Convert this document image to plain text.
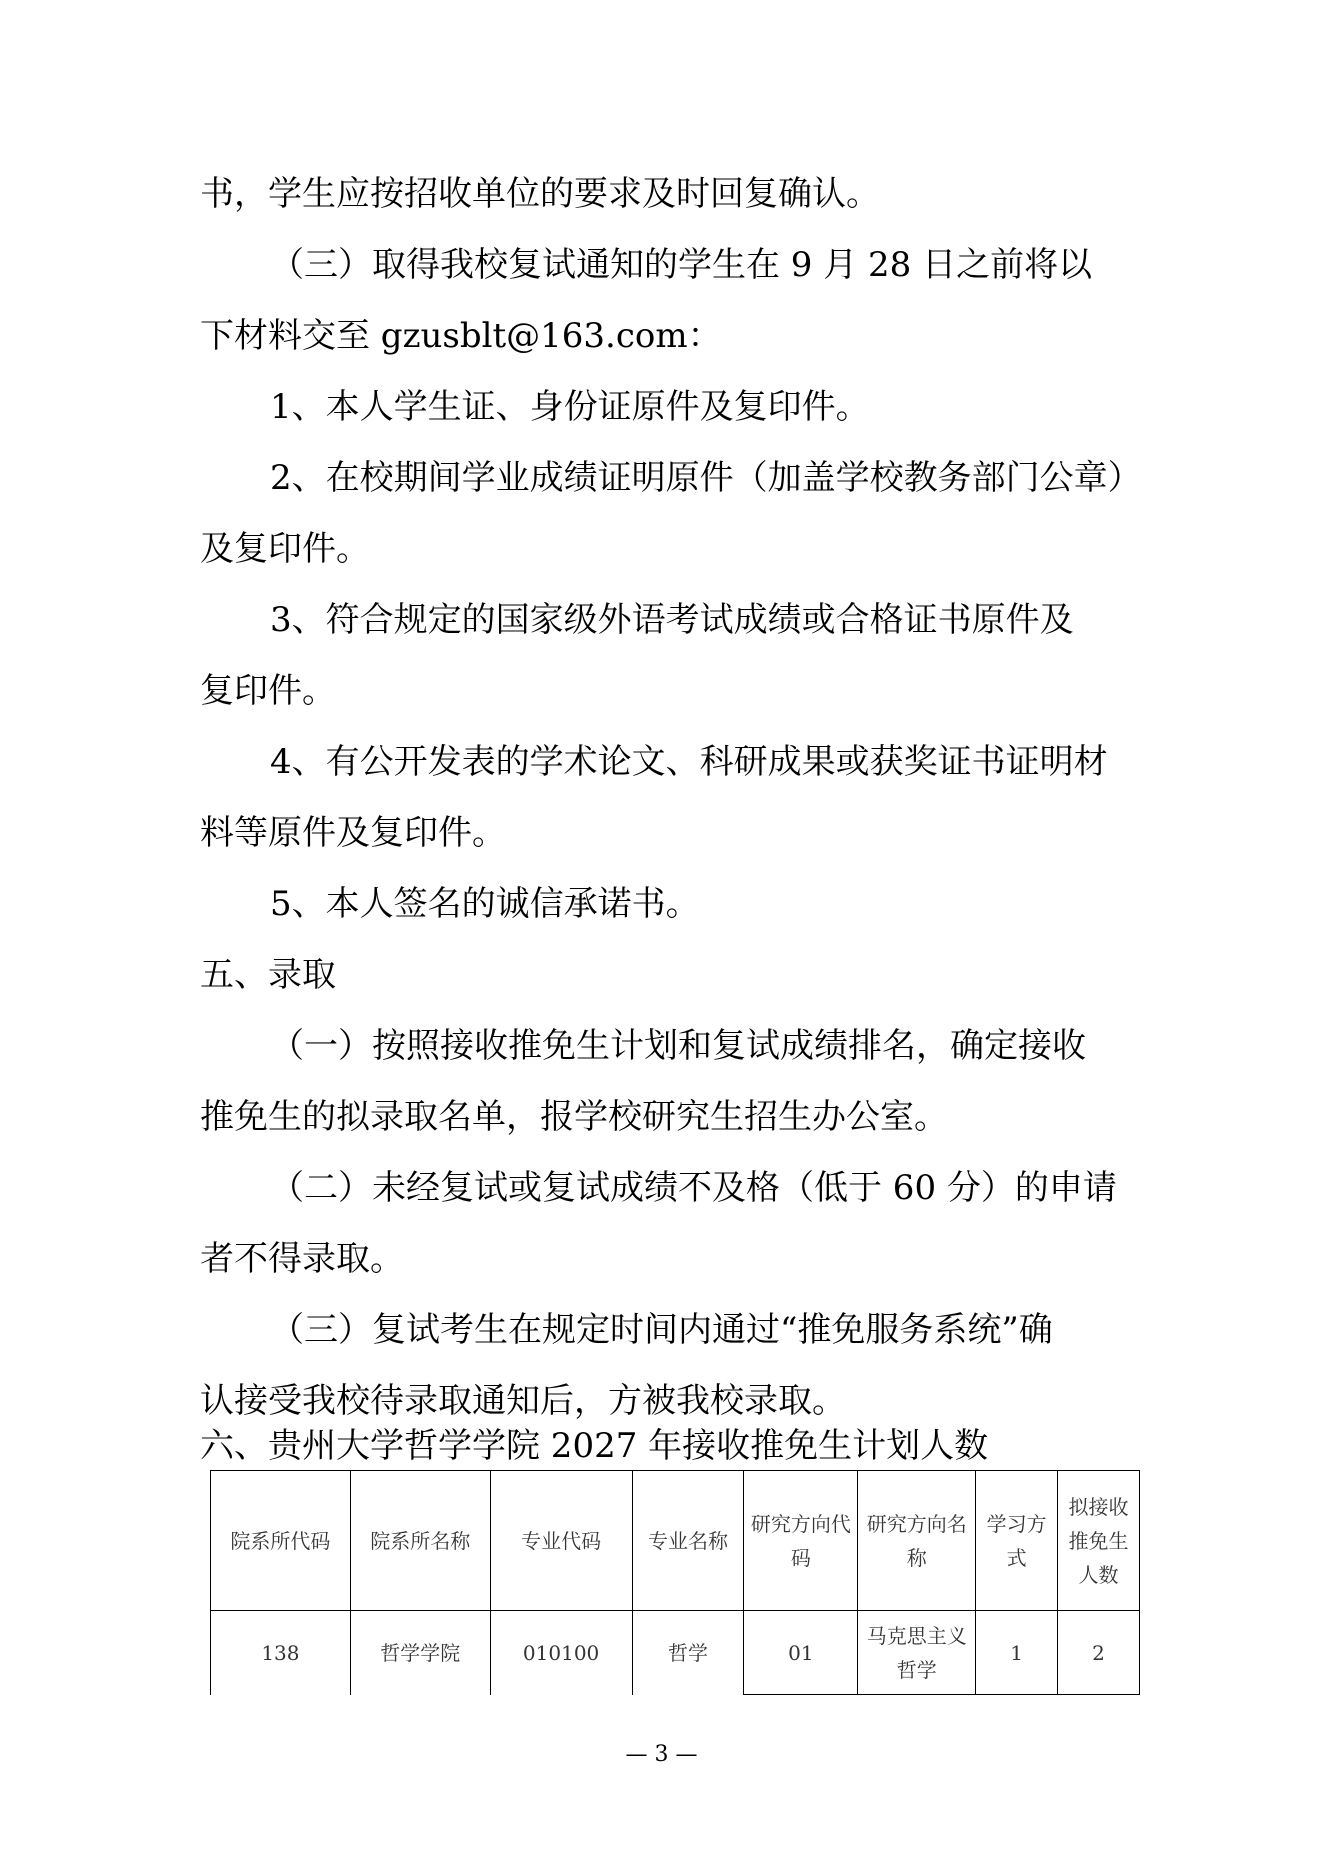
书，学生应按招收单位的要求及时回复确认。
（三）取得我校复试通知的学生在 9 月 28 日之前将以
下材料交至 gzusblt@163.com：
1、本人学生证、身份证原件及复印件。
2、在校期间学业成绩证明原件（加盖学校教务部门公章）
及复印件。
3、符合规定的国家级外语考试成绩或合格证书原件及
复印件。
4、有公开发表的学术论文、科研成果或获奖证书证明材
料等原件及复印件。
5、本人签名的诚信承诺书。
五、录取
（一）按照接收推免生计划和复试成绩排名，确定接收
推免生的拟录取名单，报学校研究生招生办公室。
（二）未经复试或复试成绩不及格（低于 60 分）的申请
者不得录取。
（三）复试考生在规定时间内通过“推免服务系统”确
认接受我校待录取通知后，方被我校录取。
六、贵州大学哲学学院 2027 年接收推免生计划人数
院系所代码	院系所名称	专业代码	专业名称	研究方向代码	研究方向名称	学习方式	拟接收推免生人数
138	哲学学院	010100	哲学	01	马克思主义哲学	1	2
— 3 —
